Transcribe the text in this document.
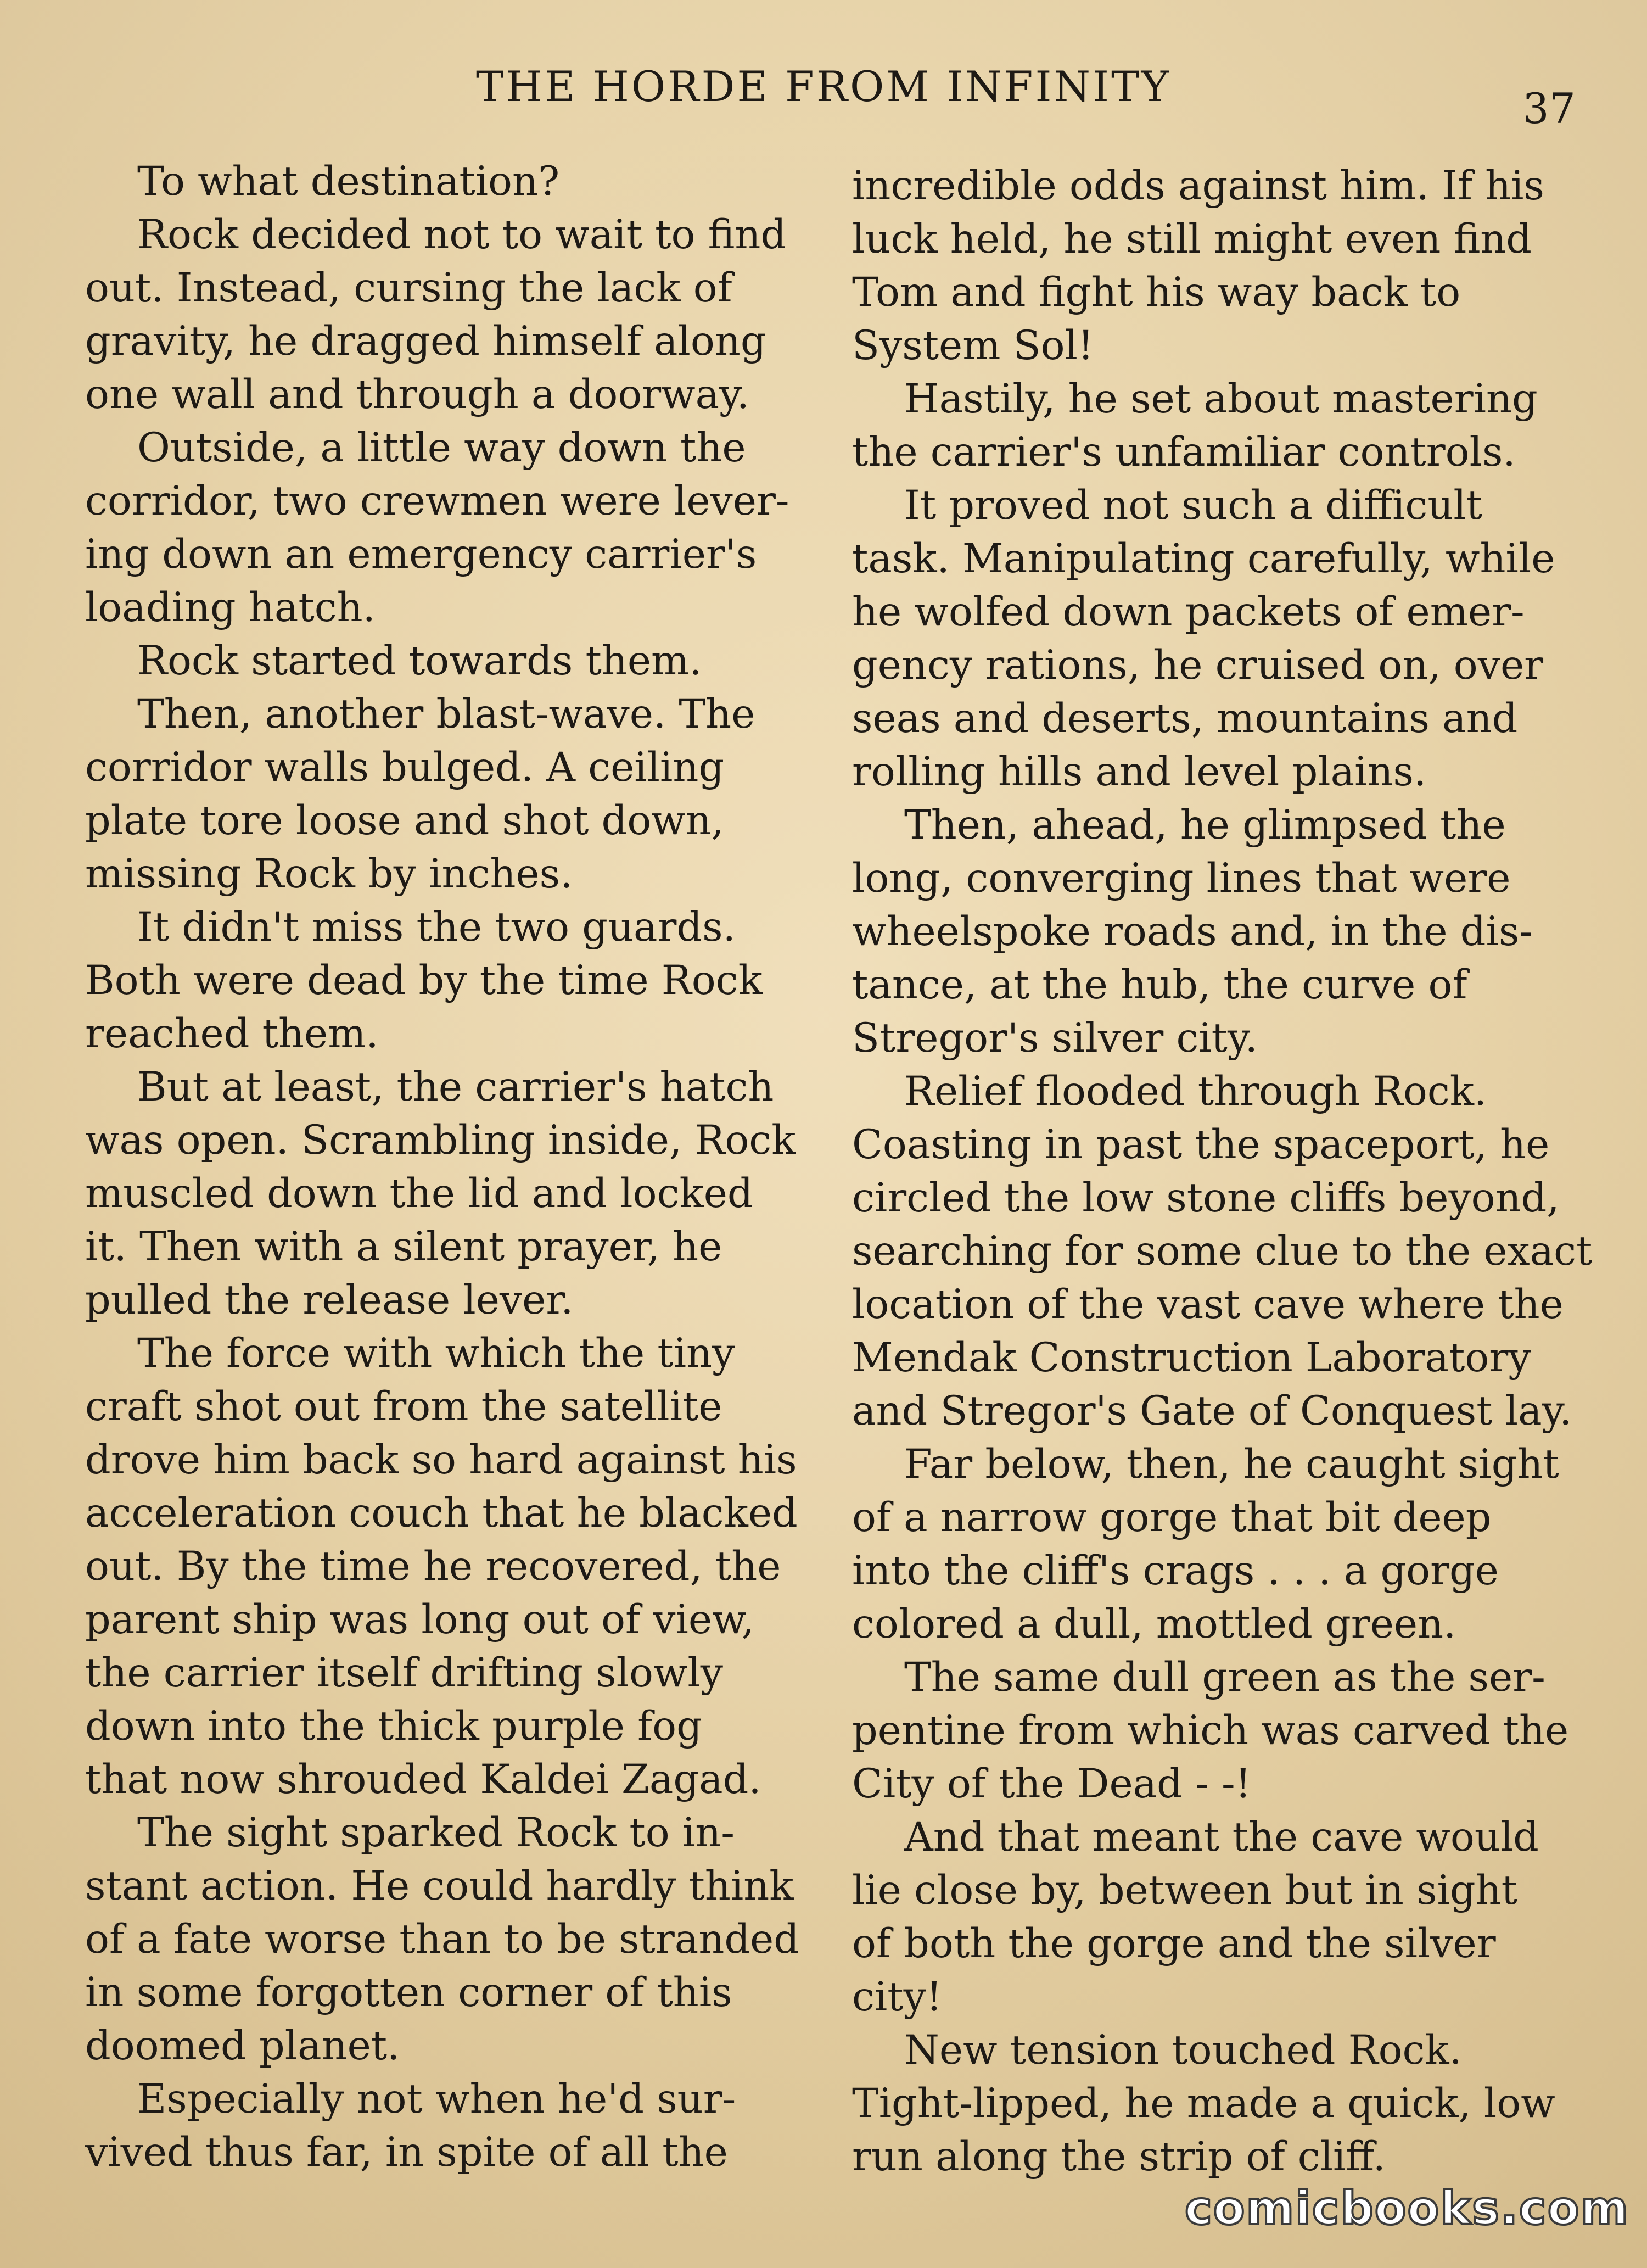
THE HORDE FROM INFINITY	37

To what destination?

Rock decided not to wait to find
out. Instead, cursing the lack of
gravity, he dragged himself along
one wall and through a doorway.

Outside, a little way down the
corridor, two crewmen were lever-
ing down an emergency carrier's
loading hatch.

Rock started towards them.

Then, another blast-wave. The
corridor walls bulged. A ceiling
plate tore loose and shot down,
missing Rock by inches.

It didn't miss the two guards.
Both were dead by the time Rock
reached them.

But at least, the carrier's hatch
was open. Scrambling inside, Rock
muscled down the lid and locked
it. Then with a silent prayer, he
pulled the release lever.

The force with which the tiny
craft shot out from the satellite
drove him back so hard against his
acceleration couch that he blacked
out. By the time he recovered, the
parent ship was long out of view,
the carrier itself drifting slowly
down into the thick purple fog
that now shrouded Kaldei Zagad.

The sight sparked Rock to in-
stant action. He could hardly think
of a fate worse than to be stranded
in some forgotten corner of this
doomed planet.

Especially not when he'd sur-
vived thus far, in spite of all the

incredible odds against him. If his
luck held, he still might even find
Tom and fight his way back to
System Sol!

Hastily, he set about mastering
the carrier's unfamiliar controls.

It proved not such a difficult
task. Manipulating carefully, while
he wolfed down packets of emer-
gency rations, he cruised on, over
seas and deserts, mountains and
rolling hills and level plains.

Then, ahead, he glimpsed the
long, converging lines that were
wheelspoke roads and, in the dis-
tance, at the hub, the curve of
Stregor's silver city.

Relief flooded through Rock.
Coasting in past the spaceport, he
circled the low stone cliffs beyond,
searching for some clue to the exact
location of the vast cave where the
Mendak Construction Laboratory
and Stregor's Gate of Conquest lay.

Far below, then, he caught sight
of a narrow gorge that bit deep
into the cliff's crags . . . a gorge
colored a dull, mottled green.

The same dull green as the ser-
pentine from which was carved the
City of the Dead - -!

And that meant the cave would
lie close by, between but in sight
of both the gorge and the silver
city!

New tension touched Rock.
Tight-lipped, he made a quick, low
run along the strip of cliff.

comicbooks.com
